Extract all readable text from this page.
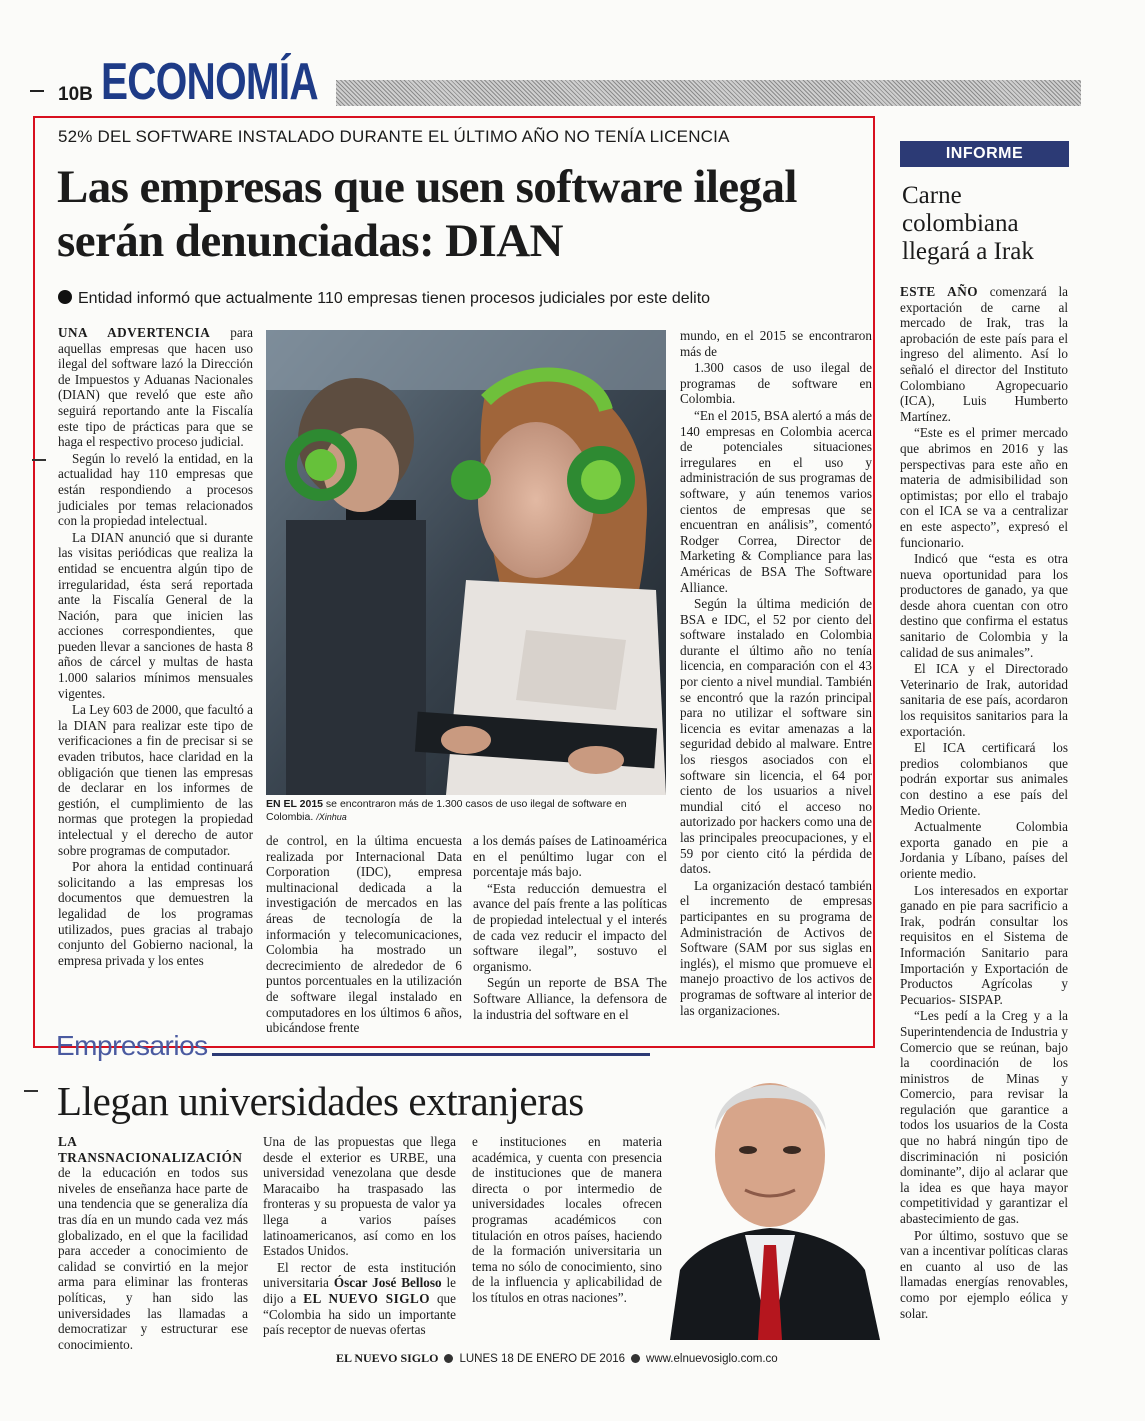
10B ECONOMÍA
52% DEL SOFTWARE INSTALADO DURANTE EL ÚLTIMO AÑO NO TENÍA LICENCIA
Las empresas que usen software ilegal serán denunciadas: DIAN
Entidad informó que actualmente 110 empresas tienen procesos judiciales por este delito

UNA ADVERTENCIA para aquellas empresas que hacen uso ilegal del software lazó la Dirección de Impuestos y Aduanas Nacionales (DIAN) que reveló que este año seguirá reportando ante la Fiscalía este tipo de prácticas para que se haga el respectivo proceso judicial.

Según lo reveló la entidad, en la actualidad hay 110 empresas que están respondiendo a procesos judiciales por temas relacionados con la propiedad intelectual.

La DIAN anunció que si durante las visitas periódicas que realiza la entidad se encuentra algún tipo de irregularidad, ésta será reportada ante la Fiscalía General de la Nación, para que inicien las acciones correspondientes, que pueden llevar a sanciones de hasta 8 años de cárcel y multas de hasta 1.000 salarios mínimos mensuales vigentes.

La Ley 603 de 2000, que facultó a la DIAN para realizar este tipo de verificaciones a fin de precisar si se evaden tributos, hace claridad en la obligación que tienen las empresas de declarar en los informes de gestión, el cumplimiento de las normas que protegen la propiedad intelectual y el derecho de autor sobre programas de computador.

Por ahora la entidad continuará solicitando a las empresas los documentos que demuestren la legalidad de los programas utilizados, pues gracias al trabajo conjunto del Gobierno nacional, la empresa privada y los entes

EN EL 2015 se encontraron más de 1.300 casos de uso ilegal de software en Colombia. /Xinhua

de control, en la última encuesta realizada por Internacional Data Corporation (IDC), empresa multinacional dedicada a la investigación de mercados en las áreas de tecnología de la información y telecomunicaciones, Colombia ha mostrado un decrecimiento de alrededor de 6 puntos porcentuales en la utilización de software ilegal instalado en computadores en los últimos 6 años, ubicándose frente

a los demás países de Latinoamérica en el penúltimo lugar con el porcentaje más bajo.

“Esta reducción demuestra el avance del país frente a las políticas de propiedad intelectual y el interés de cada vez reducir el impacto del software ilegal”, sostuvo el organismo.

Según un reporte de BSA The Software Alliance, la defensora de la industria del software en el

mundo, en el 2015 se encontraron más de

1.300 casos de uso ilegal de programas de software en Colombia.

“En el 2015, BSA alertó a más de 140 empresas en Colombia acerca de potenciales situaciones irregulares en el uso y administración de sus programas de software, y aún tenemos varios cientos de empresas que se encuentran en análisis”, comentó Rodger Correa, Director de Marketing & Compliance para las Américas de BSA The Software Alliance.

Según la última medición de BSA e IDC, el 52 por ciento del software instalado en Colombia durante el último año no tenía licencia, en comparación con el 43 por ciento a nivel mundial. También se encontró que la razón principal para no utilizar el software sin licencia es evitar amenazas a la seguridad debido al malware. Entre los riesgos asociados con el software sin licencia, el 64 por ciento de los usuarios a nivel mundial citó el acceso no autorizado por hackers como una de las principales preocupaciones, y el 59 por ciento citó la pérdida de datos.

La organización destacó también el incremento de empresas participantes en su programa de Administración de Activos de Software (SAM por sus siglas en inglés), el mismo que promueve el manejo proactivo de los activos de programas de software al interior de las organizaciones.

INFORME
Carne colombiana llegará a Irak

ESTE AÑO comenzará la exportación de carne al mercado de Irak, tras la aprobación de este país para el ingreso del alimento. Así lo señaló el director del Instituto Colombiano Agropecuario (ICA), Luis Humberto Martínez.

“Este es el primer mercado que abrimos en 2016 y las perspectivas para este año en materia de admisibilidad son optimistas; por ello el trabajo con el ICA se va a centralizar en este aspecto”, expresó el funcionario.

Indicó que “esta es otra nueva oportunidad para los productores de ganado, ya que desde ahora cuentan con otro destino que confirma el estatus sanitario de Colombia y la calidad de sus animales”.

El ICA y el Directorado Veterinario de Irak, autoridad sanitaria de ese país, acordaron los requisitos sanitarios para la exportación.

El ICA certificará los predios colombianos que podrán exportar sus animales con destino a ese país del Medio Oriente.

Actualmente Colombia exporta ganado en pie a Jordania y Líbano, países del oriente medio.

Los interesados en exportar ganado en pie para sacrificio a Irak, podrán consultar los requisitos en el Sistema de Información Sanitario para Importación y Exportación de Productos Agrícolas y Pecuarios- SISPAP.

“Les pedí a la Creg y a la Superintendencia de Industria y Comercio que se reúnan, bajo la coordinación de los ministros de Minas y Comercio, para revisar la regulación que garantice a todos los usuarios de la Costa que no habrá ningún tipo de discriminación ni posición dominante”, dijo al aclarar que la idea es que haya mayor competitividad y garantizar el abastecimiento de gas.

Por último, sostuvo que se van a incentivar políticas claras en cuanto al uso de las llamadas energías renovables, como por ejemplo eólica y solar.

Empresarios
Llegan universidades extranjeras

LA TRANSNACIONALIZACIÓN de la educación en todos sus niveles de enseñanza hace parte de una tendencia que se generaliza día tras día en un mundo cada vez más globalizado, en el que la facilidad para acceder a conocimiento de calidad se convirtió en la mejor arma para eliminar las fronteras políticas, y han sido las universidades las llamadas a democratizar y estructurar ese conocimiento.

Una de las propuestas que llega desde el exterior es URBE, una universidad venezolana que desde Maracaibo ha traspasado las fronteras y su propuesta de valor ya llega a varios países latinoamericanos, así como en los Estados Unidos.

El rector de esta institución universitaria Óscar José Belloso le dijo a EL NUEVO SIGLO que “Colombia ha sido un importante país receptor de nuevas ofertas

e instituciones en materia académica, y cuenta con presencia de instituciones que de manera directa o por intermedio de universidades locales ofrecen programas académicos con titulación en otros países, haciendo de la formación universitaria un tema no sólo de conocimiento, sino de la influencia y aplicabilidad de los títulos en otras naciones”.

EL NUEVO SIGLO LUNES 18 DE ENERO DE 2016 www.elnuevosiglo.com.co
